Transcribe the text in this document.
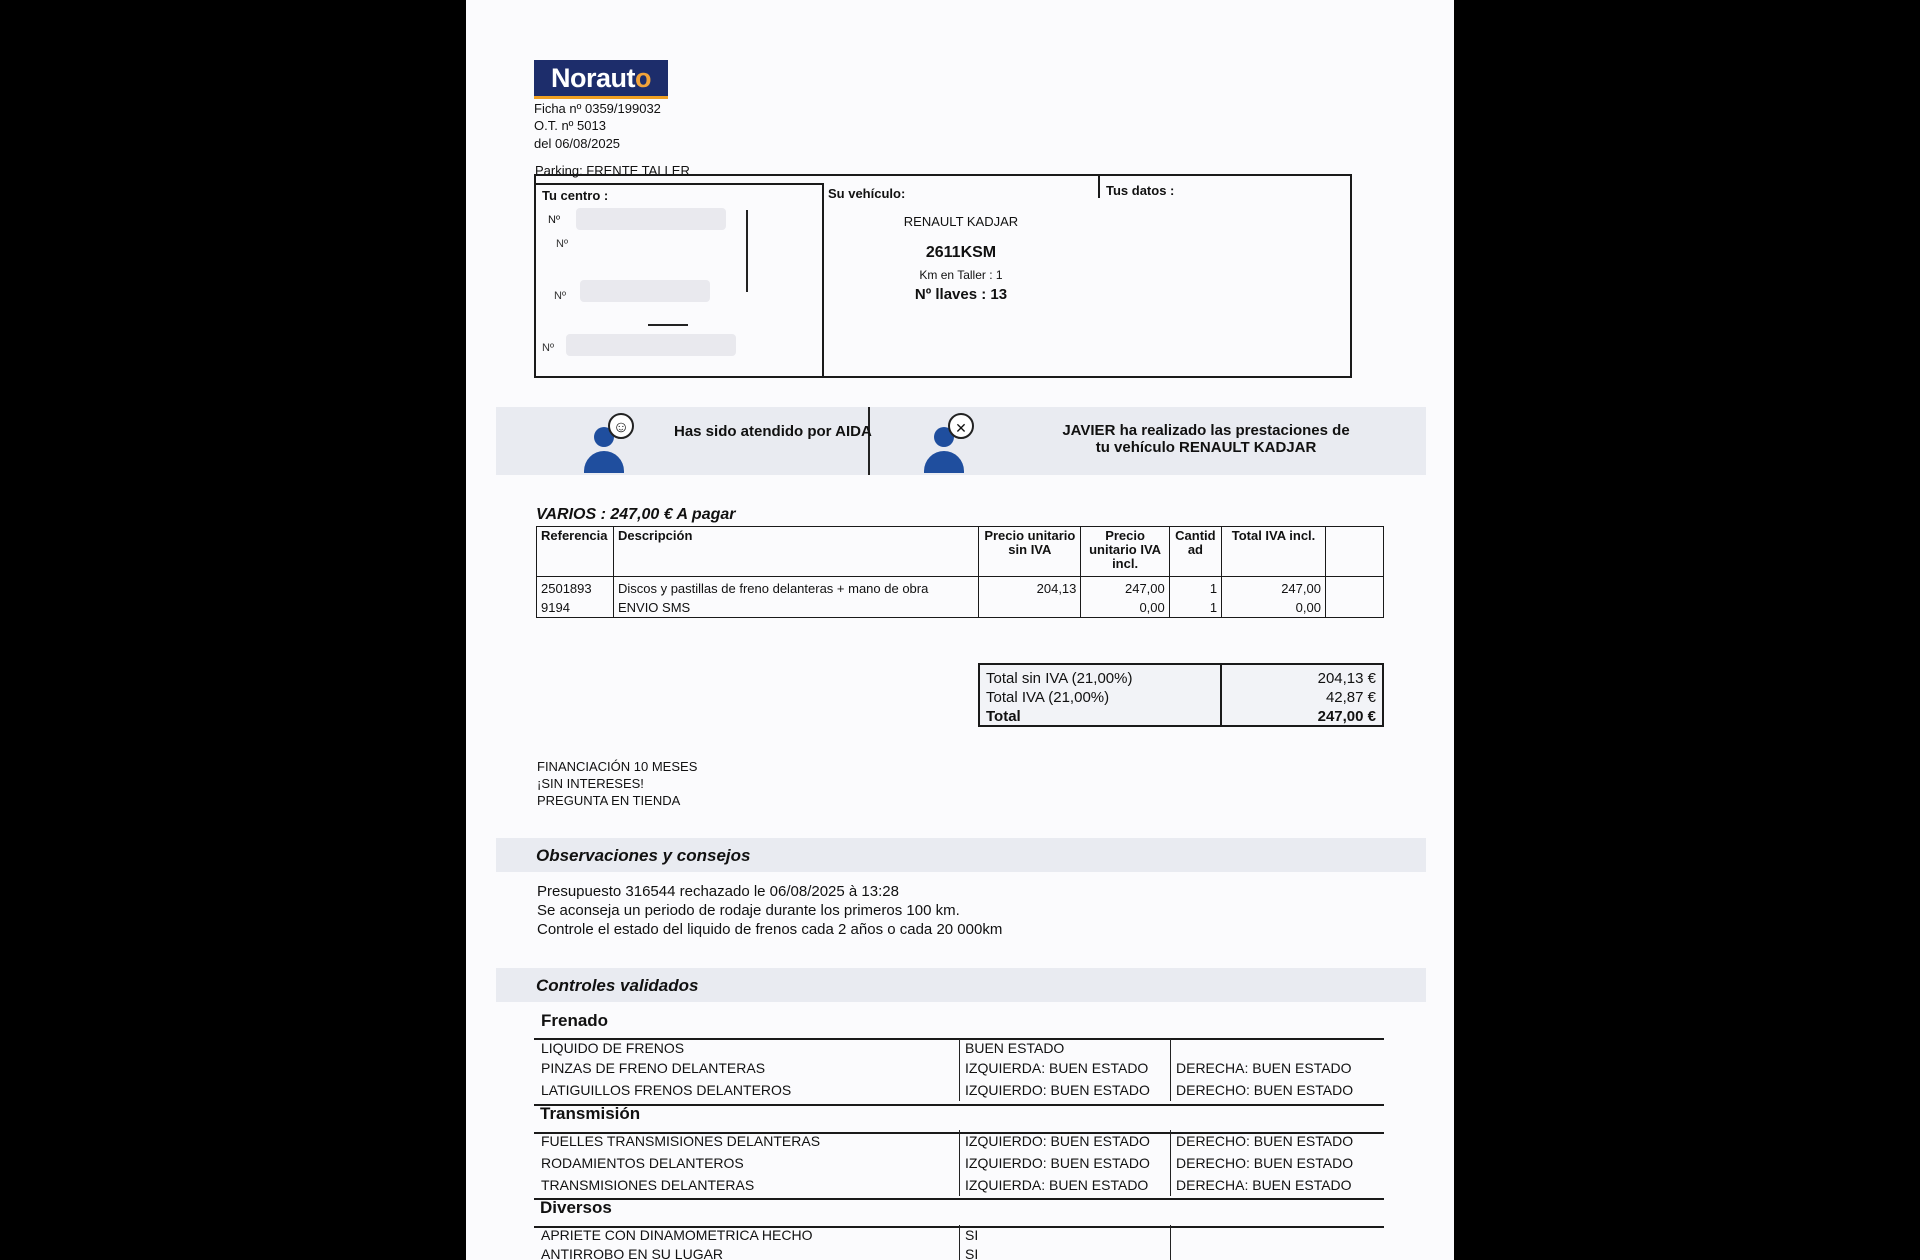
Norauto
Ficha nº 0359/199032
O.T. nº 5013
del 06/08/2025
Parking: FRENTE TALLER
Tu centro :
Nº
Nº
Nº
Nº
Su vehículo:
RENAULT KADJAR
2611KSM
Km en Taller : 1
Nº llaves : 13
Tus datos :
☺	Has sido atendido por AIDA	✕	JAVIER ha realizado las prestaciones de
tu vehículo RENAULT KADJAR
VARIOS : 247,00 € A pagar
Referencia	Descripción	Precio unitario sin IVA	Precio unitario IVA incl.	Cantidad	Total IVA incl.	
2501893	Discos y pastillas de freno delanteras + mano de obra	204,13	247,00	1	247,00	
9194	ENVIO SMS		0,00	1	0,00	
Total sin IVA (21,00%)	204,13 €
Total IVA (21,00%)	42,87 €
Total	247,00 €
FINANCIACIÓN 10 MESES
¡SIN INTERESES!
PREGUNTA EN TIENDA
Observaciones y consejos
Presupuesto 316544 rechazado le 06/08/2025 à 13:28
Se aconseja un periodo de rodaje durante los primeros 100 km.
Controle el estado del liquido de frenos cada 2 años o cada 20 000km
Controles validados
Frenado
LIQUIDO DE FRENOS	BUEN ESTADO	
PINZAS DE FRENO DELANTERAS	IZQUIERDA: BUEN ESTADO	DERECHA: BUEN ESTADO
LATIGUILLOS FRENOS DELANTEROS	IZQUIERDO: BUEN ESTADO	DERECHO: BUEN ESTADO
Transmisión
FUELLES TRANSMISIONES DELANTERAS	IZQUIERDO: BUEN ESTADO	DERECHO: BUEN ESTADO
RODAMIENTOS DELANTEROS	IZQUIERDO: BUEN ESTADO	DERECHO: BUEN ESTADO
TRANSMISIONES DELANTERAS	IZQUIERDA: BUEN ESTADO	DERECHA: BUEN ESTADO
Diversos
APRIETE CON DINAMOMETRICA HECHO	SI	
ANTIRROBO EN SU LUGAR	SI	
